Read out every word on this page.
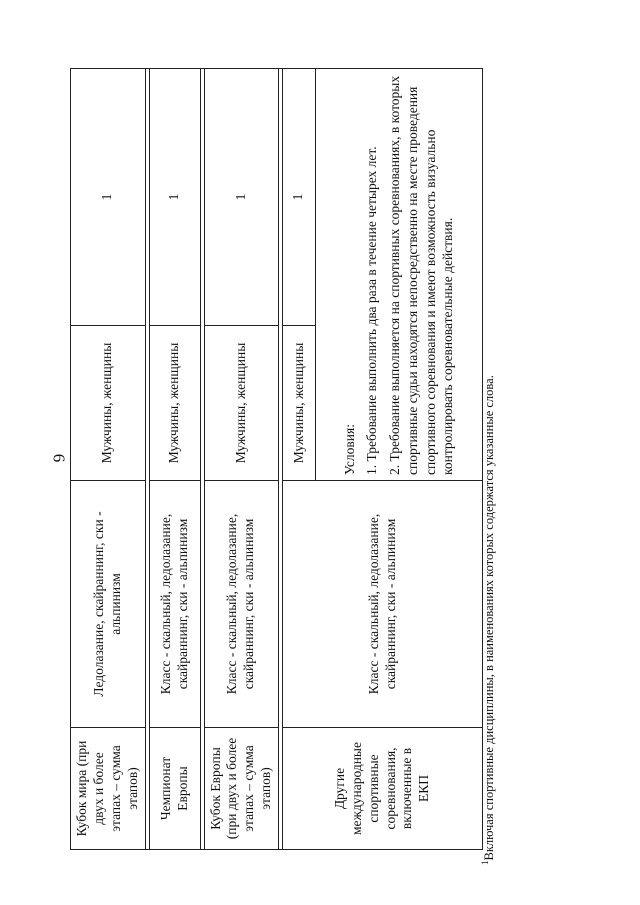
6
Кубок мира (при двух и более этапах – сумма этапов)	Ледолазание, скайраннинг, ски - альпинизм	Мужчины, женщины	1

Чемпионат Европы	Класс - скальный, ледолазание, скайраннинг, ски - альпинизм	Мужчины, женщины	1

Кубок Европы (при двух и более этапах – сумма этапов)	Класс - скальный, ледолазание, скайраннинг, ски - альпинизм	Мужчины, женщины	1

Другие международные спортивные соревнования, включенные в ЕКП	Класс - скальный, ледолазание, скайраннинг, ски - альпинизм	Мужчины, женщины	1

		Условия: 1. Требование выполнить два раза в течение четырех лет. 2. Требование выполняется на спортивных соревнованиях, в которых спортивные судьи находятся непосредственно на месте проведения спортивного соревнования и имеют возможность визуально контролировать соревновательные действия.	
$^1$Включая спортивные дисциплины, в наименованиях которых содержатся указанные слова.
